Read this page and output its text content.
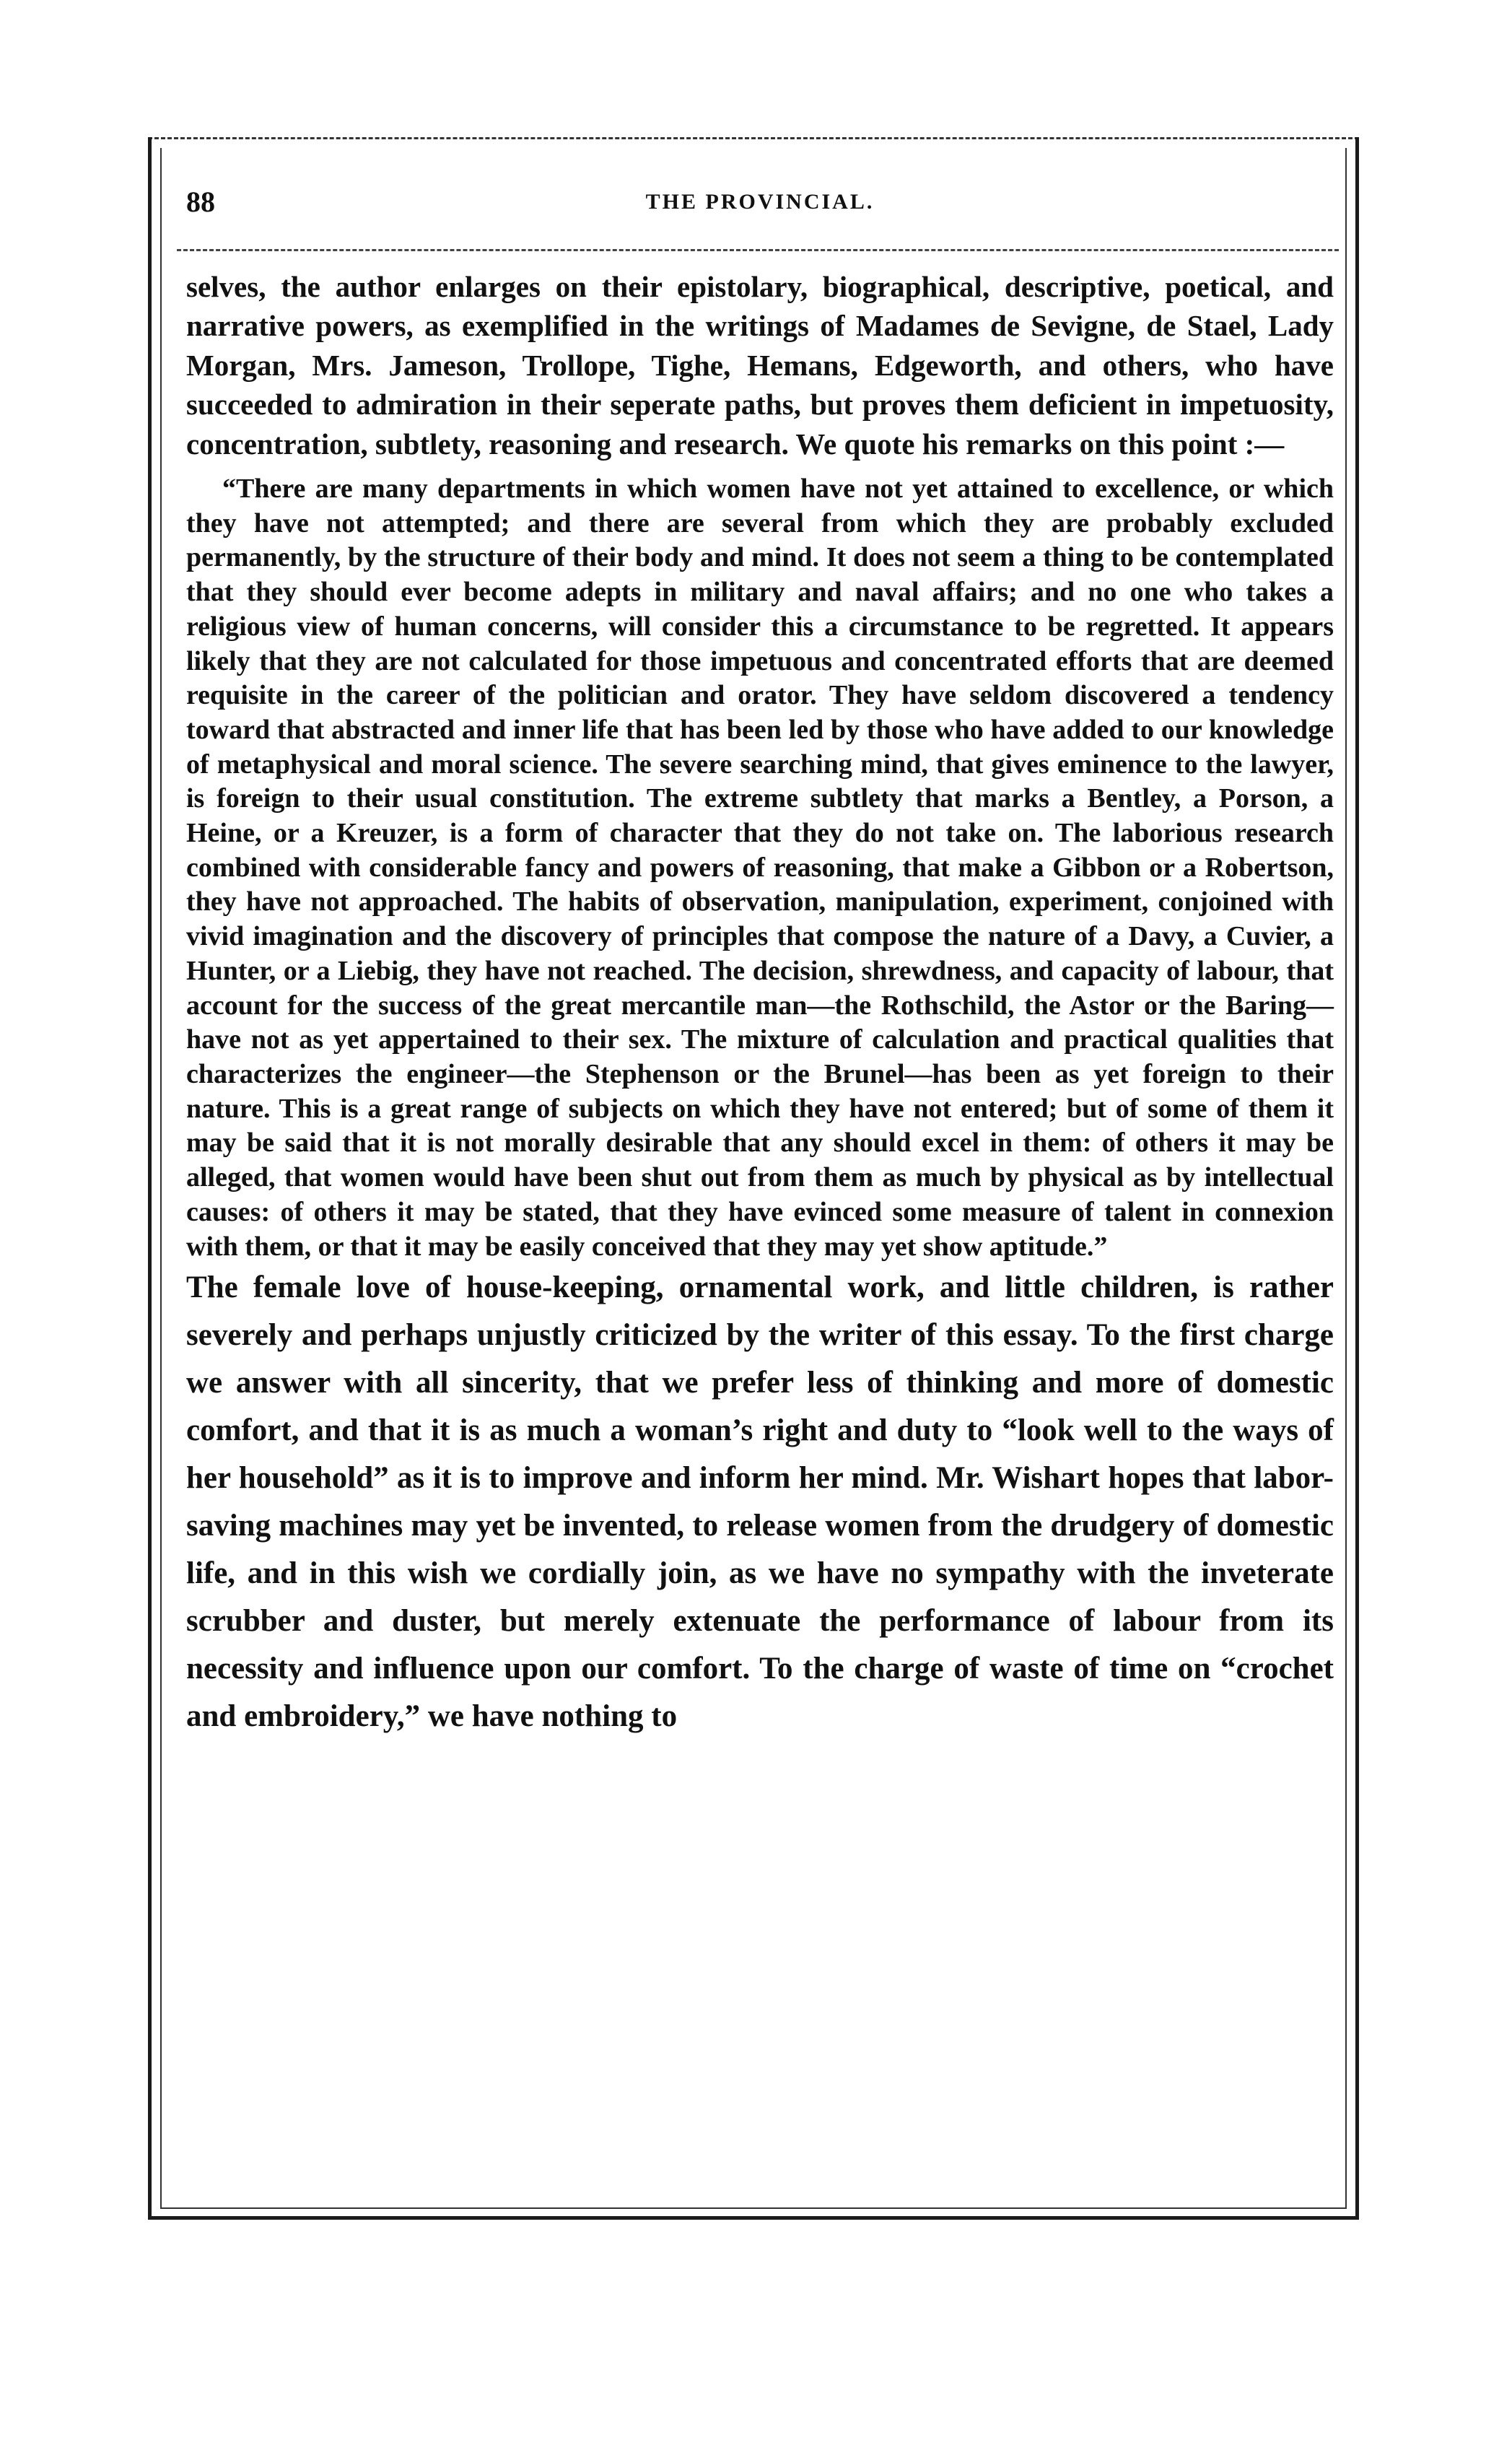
88	THE PROVINCIAL.

selves, the author enlarges on their epistolary, biographical, descriptive, poetical, and narrative powers, as exemplified in the writings of Madames de Sevigne, de Stael, Lady Morgan, Mrs. Jameson, Trollope, Tighe, Hemans, Edgeworth, and others, who have succeeded to admiration in their seperate paths, but proves them deficient in impetuosity, concentration, subtlety, reasoning and research. We quote his remarks on this point :—

“There are many departments in which women have not yet attained to excellence, or which they have not attempted; and there are several from which they are probably excluded permanently, by the structure of their body and mind. It does not seem a thing to be contemplated that they should ever become adepts in military and naval affairs; and no one who takes a religious view of human concerns, will consider this a circumstance to be regretted. It appears likely that they are not calculated for those impetuous and concentrated efforts that are deemed requisite in the career of the politician and orator. They have seldom discovered a tendency toward that abstracted and inner life that has been led by those who have added to our knowledge of metaphysical and moral science. The severe searching mind, that gives eminence to the lawyer, is foreign to their usual constitution. The extreme subtlety that marks a Bentley, a Porson, a Heine, or a Kreuzer, is a form of character that they do not take on. The laborious research combined with considerable fancy and powers of reasoning, that make a Gibbon or a Robertson, they have not approached. The habits of observation, manipulation, experiment, conjoined with vivid imagination and the discovery of principles that compose the nature of a Davy, a Cuvier, a Hunter, or a Liebig, they have not reached. The decision, shrewdness, and capacity of labour, that account for the success of the great mercantile man—the Rothschild, the Astor or the Baring—have not as yet appertained to their sex. The mixture of calculation and practical qualities that characterizes the engineer—the Stephenson or the Brunel—has been as yet foreign to their nature. This is a great range of subjects on which they have not entered; but of some of them it may be said that it is not morally desirable that any should excel in them: of others it may be alleged, that women would have been shut out from them as much by physical as by intellectual causes: of others it may be stated, that they have evinced some measure of talent in connexion with them, or that it may be easily conceived that they may yet show aptitude.”

The female love of house-keeping, ornamental work, and little children, is rather severely and perhaps unjustly criticized by the writer of this essay. To the first charge we answer with all sincerity, that we prefer less of thinking and more of domestic comfort, and that it is as much a woman’s right and duty to “look well to the ways of her household” as it is to improve and inform her mind. Mr. Wishart hopes that labor-saving machines may yet be invented, to release women from the drudgery of domestic life, and in this wish we cordially join, as we have no sympathy with the inveterate scrubber and duster, but merely extenuate the performance of labour from its necessity and influence upon our comfort. To the charge of waste of time on “crochet and embroidery,” we have nothing to
